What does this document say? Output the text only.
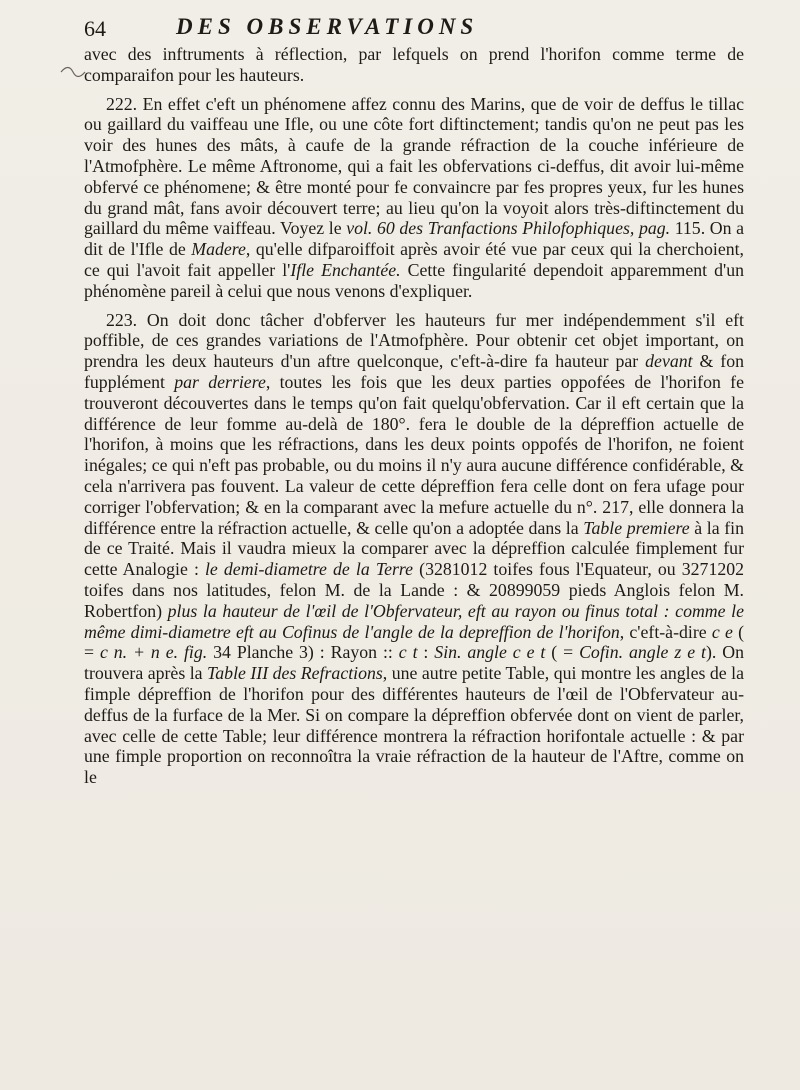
64	DES OBSERVATIONS

avec des inftruments à réflection, par lefquels on prend l'horifon comme terme de comparaifon pour les hauteurs.

222. En effet c'eft un phénomene affez connu des Marins, que de voir de deffus le tillac ou gaillard du vaiffeau une Ifle, ou une côte fort diftinctement; tandis qu'on ne peut pas les voir des hunes des mâts, à caufe de la grande réfraction de la couche inférieure de l'Atmofphère. Le même Aftronome, qui a fait les obfervations ci-deffus, dit avoir lui-même obfervé ce phénomene; & être monté pour fe convaincre par fes propres yeux, fur les hunes du grand mât, fans avoir découvert terre; au lieu qu'on la voyoit alors très-diftinctement du gaillard du même vaiffeau. Voyez le vol. 60 des Tranfactions Philofophiques, pag. 115. On a dit de l'Ifle de Madere, qu'elle difparoiffoit après avoir été vue par ceux qui la cherchoient, ce qui l'avoit fait appeller l'Ifle Enchantée. Cette fingularité dependoit apparemment d'un phénomène pareil à celui que nous venons d'expliquer.

223. On doit donc tâcher d'obferver les hauteurs fur mer indépendemment s'il eft poffible, de ces grandes variations de l'Atmofphère. Pour obtenir cet objet important, on prendra les deux hauteurs d'un aftre quelconque, c'eft-à-dire fa hauteur par devant & fon fupplément par derriere, toutes les fois que les deux parties oppofées de l'horifon fe trouveront découvertes dans le temps qu'on fait quelqu'obfervation. Car il eft certain que la différence de leur fomme au-delà de 180°. fera le double de la dépreffion actuelle de l'horifon, à moins que les réfractions, dans les deux points oppofés de l'horifon, ne foient inégales; ce qui n'eft pas probable, ou du moins il n'y aura aucune différence confidérable, & cela n'arrivera pas fouvent. La valeur de cette dépreffion fera celle dont on fera ufage pour corriger l'obfervation; & en la comparant avec la mefure actuelle du n°. 217, elle donnera la différence entre la réfraction actuelle, & celle qu'on a adoptée dans la Table premiere à la fin de ce Traité. Mais il vaudra mieux la comparer avec la dépreffion calculée fimplement fur cette Analogie : le demi-diametre de la Terre (3281012 toifes fous l'Equateur, ou 3271202 toifes dans nos latitudes, felon M. de la Lande : & 20899059 pieds Anglois felon M. Robertfon) plus la hauteur de l'œil de l'Obfervateur, eft au rayon ou finus total : comme le même dimi-diametre eft au Cofinus de l'angle de la depreffion de l'horifon, c'eft-à-dire c e ( = c n. + n e. fig. 34 Planche 3) : Rayon :: c t : Sin. angle c e t ( = Cofin. angle z e t). On trouvera après la Table III des Refractions, une autre petite Table, qui montre les angles de la fimple dépreffion de l'horifon pour des différentes hauteurs de l'œil de l'Obfervateur au-deffus de la furface de la Mer. Si on compare la dépreffion obfervée dont on vient de parler, avec celle de cette Table; leur différence montrera la réfraction horifontale actuelle : & par une fimple proportion on reconnoîtra la vraie réfraction de la hauteur de l'Aftre, comme on le
